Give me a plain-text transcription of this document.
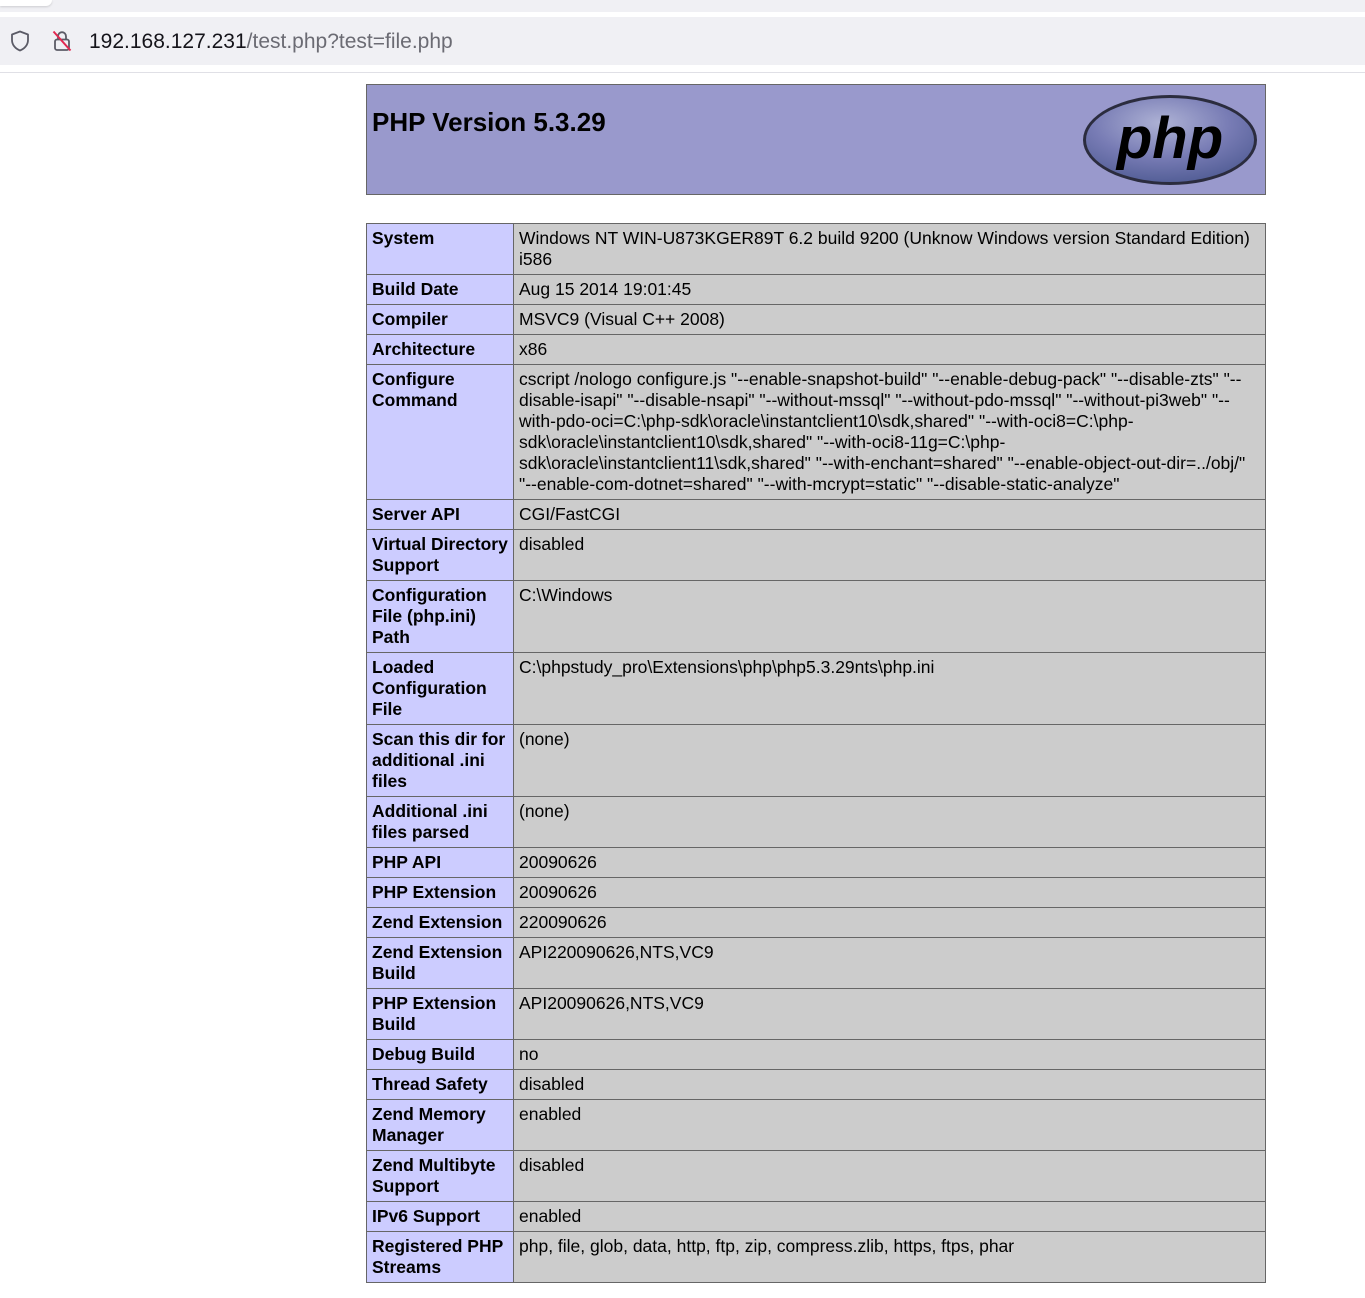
192.168.127.231/test.php?test=file.php
php
PHP Version 5.3.29
System	Windows NT WIN-U873KGER89T 6.2 build 9200 (Unknow Windows version Standard Edition) i586
Build Date	Aug 15 2014 19:01:45
Compiler	MSVC9 (Visual C++ 2008)
Architecture	x86
Configure Command	cscript /nologo configure.js "--enable-snapshot-build" "--enable-debug-pack" "--disable-zts" "--disable-isapi" "--disable-nsapi" "--without-mssql" "--without-pdo-mssql" "--without-pi3web" "--with-pdo-oci=C:\php-sdk\oracle\instantclient10\sdk,shared" "--with-oci8=C:\php-sdk\oracle\instantclient10\sdk,shared" "--with-oci8-11g=C:\php-sdk\oracle\instantclient11\sdk,shared" "--with-enchant=shared" "--enable-object-out-dir=../obj/" "--enable-com-dotnet=shared" "--with-mcrypt=static" "--disable-static-analyze"
Server API	CGI/FastCGI
Virtual Directory Support	disabled
Configuration File (php.ini) Path	C:\Windows
Loaded Configuration File	C:\phpstudy_pro\Extensions\php\php5.3.29nts\php.ini
Scan this dir for additional .ini files	(none)
Additional .ini files parsed	(none)
PHP API	20090626
PHP Extension	20090626
Zend Extension	220090626
Zend Extension Build	API220090626,NTS,VC9
PHP Extension Build	API20090626,NTS,VC9
Debug Build	no
Thread Safety	disabled
Zend Memory Manager	enabled
Zend Multibyte Support	disabled
IPv6 Support	enabled
Registered PHP Streams	php, file, glob, data, http, ftp, zip, compress.zlib, https, ftps, phar
